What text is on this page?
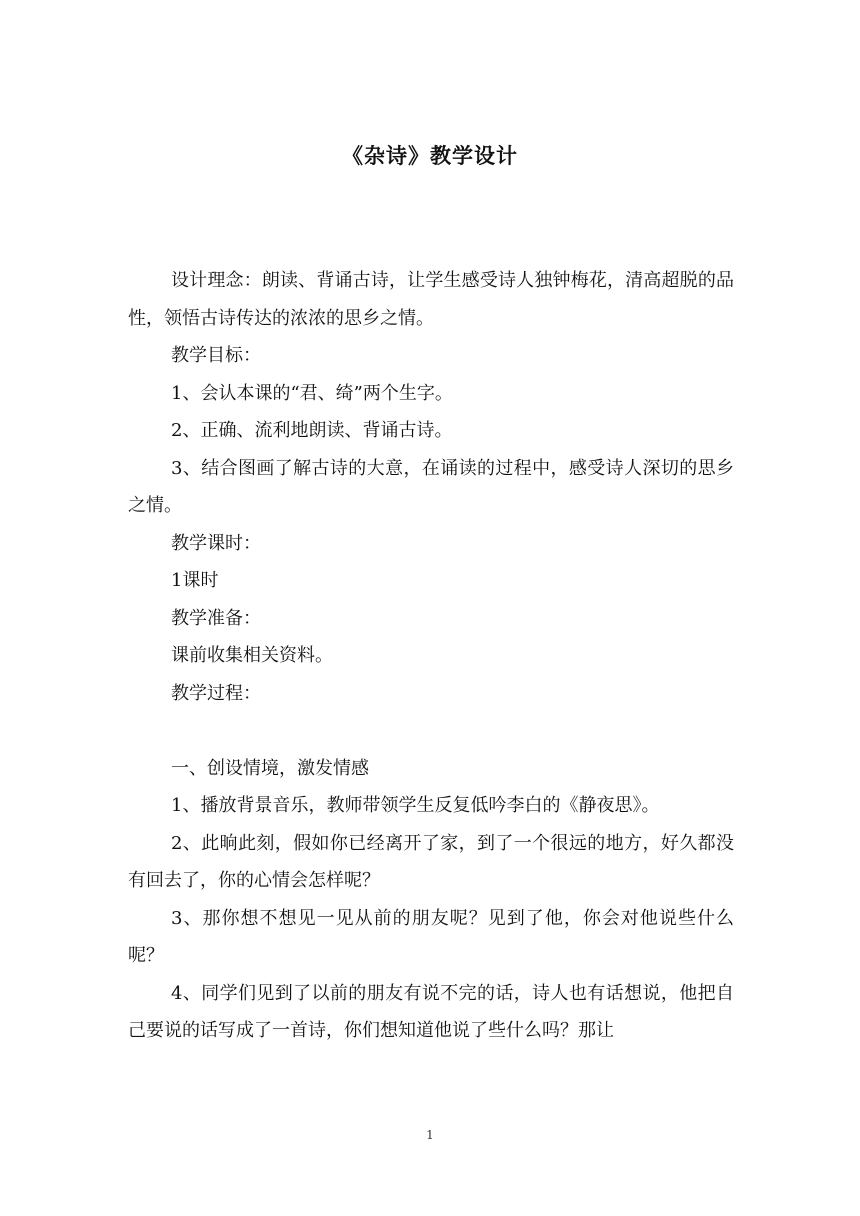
《杂诗》教学设计

设计理念：朗读、背诵古诗，让学生感受诗人独钟梅花，清高超脱的品性，领悟古诗传达的浓浓的思乡之情。

教学目标：

1、会认本课的“君、绮”两个生字。

2、正确、流利地朗读、背诵古诗。

3、结合图画了解古诗的大意，在诵读的过程中，感受诗人深切的思乡之情。

教学课时：

1课时

教学准备：

课前收集相关资料。

教学过程：

一、创设情境，激发情感

1、播放背景音乐，教师带领学生反复低吟李白的《静夜思》。

2、此晌此刻，假如你已经离开了家，到了一个很远的地方，好久都没有回去了，你的心情会怎样呢？

3、那你想不想见一见从前的朋友呢？见到了他，你会对他说些什么呢？

4、同学们见到了以前的朋友有说不完的话，诗人也有话想说，他把自己要说的话写成了一首诗，你们想知道他说了些什么吗？那让

1
